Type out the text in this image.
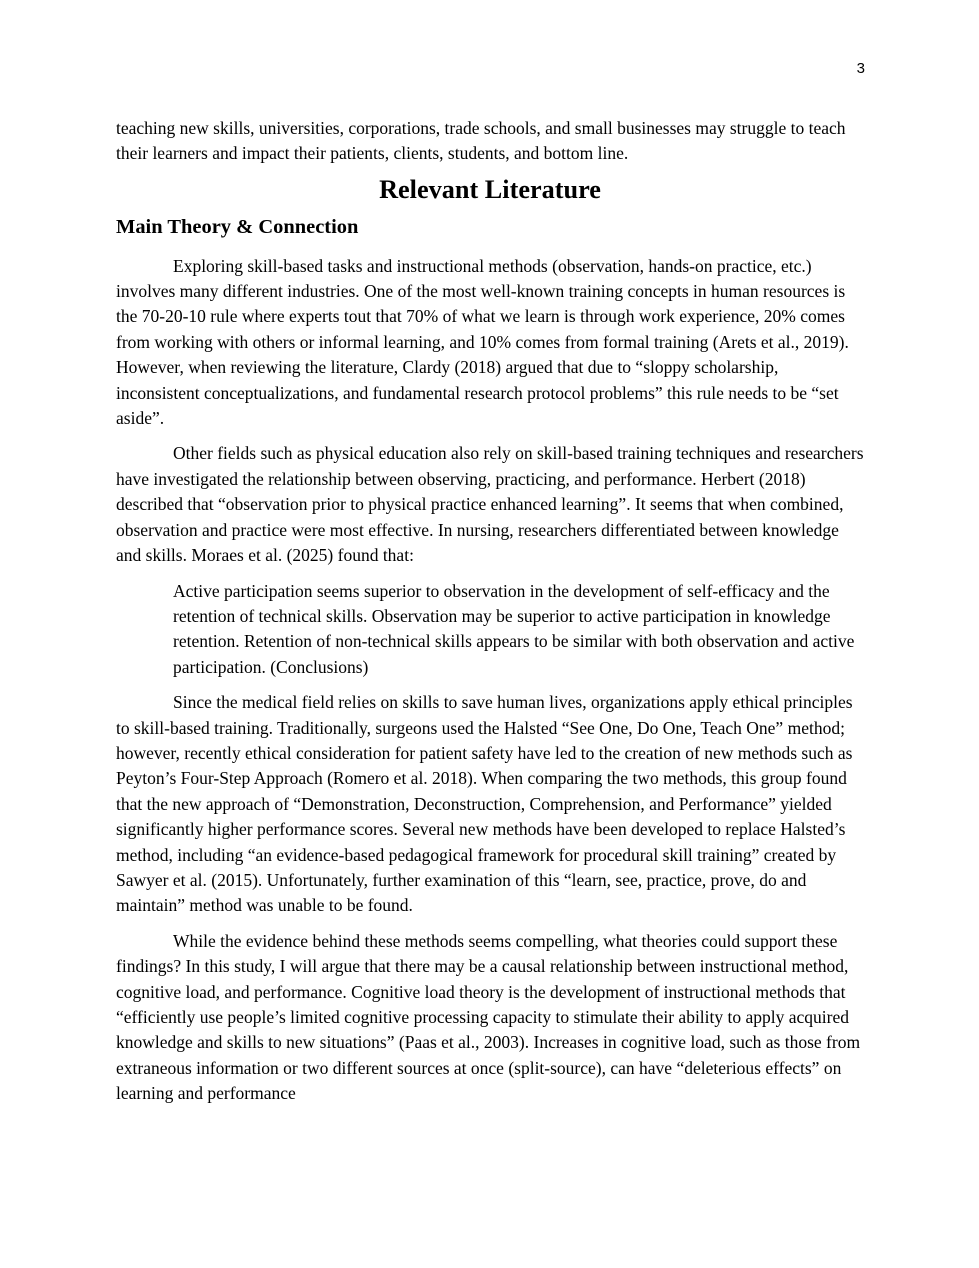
3

teaching new skills, universities, corporations, trade schools, and small businesses may struggle to teach their learners and impact their patients, clients, students, and bottom line.

Relevant Literature
Main Theory & Connection

Exploring skill-based tasks and instructional methods (observation, hands-on practice, etc.) involves many different industries. One of the most well-known training concepts in human resources is the 70-20-10 rule where experts tout that 70% of what we learn is through work experience, 20% comes from working with others or informal learning, and 10% comes from formal training (Arets et al., 2019). However, when reviewing the literature, Clardy (2018) argued that due to “sloppy scholarship, inconsistent conceptualizations, and fundamental research protocol problems” this rule needs to be “set aside”.

Other fields such as physical education also rely on skill-based training techniques and researchers have investigated the relationship between observing, practicing, and performance. Herbert (2018) described that “observation prior to physical practice enhanced learning”. It seems that when combined, observation and practice were most effective. In nursing, researchers differentiated between knowledge and skills. Moraes et al. (2025) found that:

Active participation seems superior to observation in the development of self-efficacy and the retention of technical skills. Observation may be superior to active participation in knowledge retention. Retention of non-technical skills appears to be similar with both observation and active participation. (Conclusions)

Since the medical field relies on skills to save human lives, organizations apply ethical principles to skill-based training. Traditionally, surgeons used the Halsted “See One, Do One, Teach One” method; however, recently ethical consideration for patient safety have led to the creation of new methods such as Peyton’s Four-Step Approach (Romero et al. 2018). When comparing the two methods, this group found that the new approach of “Demonstration, Deconstruction, Comprehension, and Performance” yielded significantly higher performance scores. Several new methods have been developed to replace Halsted’s method, including “an evidence-based pedagogical framework for procedural skill training” created by Sawyer et al. (2015). Unfortunately, further examination of this “learn, see, practice, prove, do and maintain” method was unable to be found.

While the evidence behind these methods seems compelling, what theories could support these findings? In this study, I will argue that there may be a causal relationship between instructional method, cognitive load, and performance. Cognitive load theory is the development of instructional methods that “efficiently use people’s limited cognitive processing capacity to stimulate their ability to apply acquired knowledge and skills to new situations” (Paas et al., 2003). Increases in cognitive load, such as those from extraneous information or two different sources at once (split-source), can have “deleterious effects” on learning and performance
